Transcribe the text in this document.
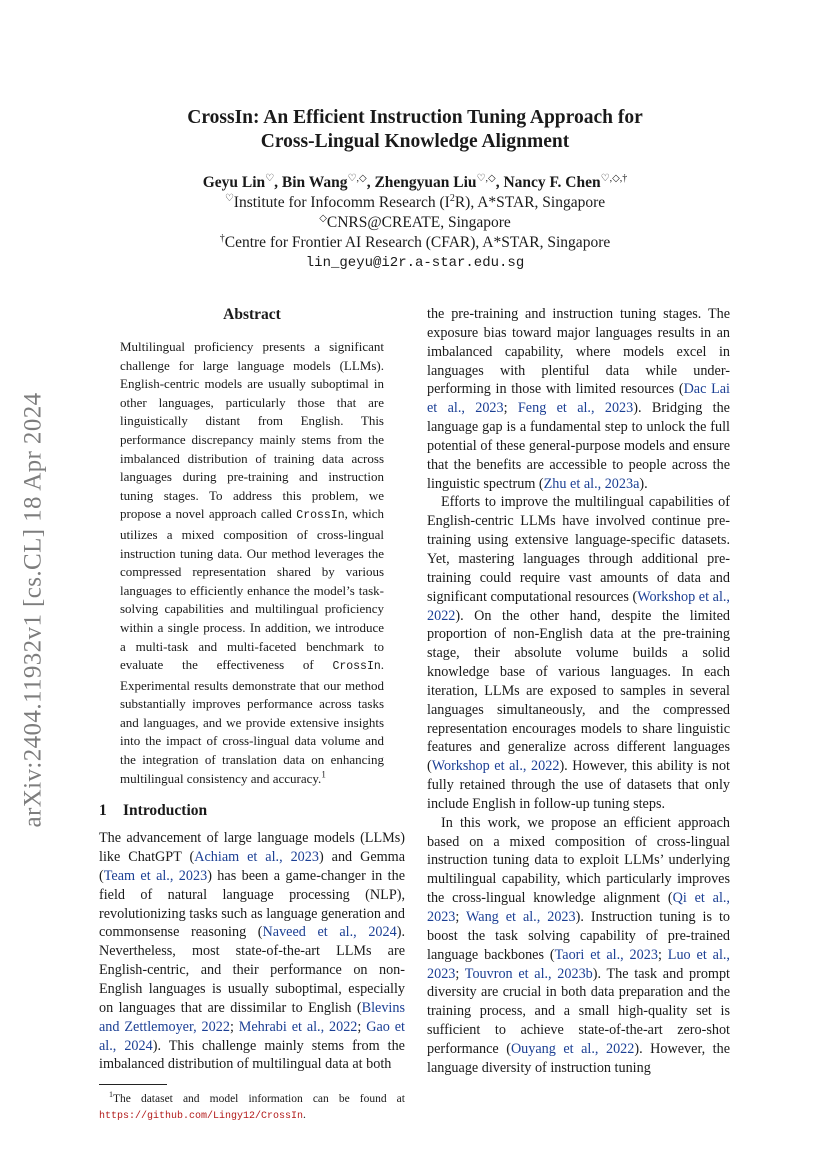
arXiv:2404.11932v1 [cs.CL] 18 Apr 2024
CrossIn: An Efficient Instruction Tuning Approach for
Cross-Lingual Knowledge Alignment
Geyu Lin♡, Bin Wang♡,◇, Zhengyuan Liu♡,◇, Nancy F. Chen♡,◇,†
♡Institute for Infocomm Research $(I^2R)$, A*STAR, Singapore
◇CNRS@CREATE, Singapore
†Centre for Frontier AI Research (CFAR), A*STAR, Singapore
lin_geyu@i2r.a-star.edu.sg
Abstract
Multilingual proficiency presents a significant challenge for large language models (LLMs). English-centric models are usually suboptimal in other languages, particularly those that are linguistically distant from English. This performance discrepancy mainly stems from the imbalanced distribution of training data across languages during pre-training and instruction tuning stages. To address this problem, we propose a novel approach called CrossIn, which utilizes a mixed composition of cross-lingual instruction tuning data. Our method leverages the compressed representation shared by various languages to efficiently enhance the model’s task-solving capabilities and multilingual proficiency within a single process. In addition, we introduce a multi-task and multi-faceted benchmark to evaluate the effectiveness of CrossIn. Experimental results demonstrate that our method substantially improves performance across tasks and languages, and we provide extensive insights into the impact of cross-lingual data volume and the integration of translation data on enhancing multilingual consistency and accuracy.$^1$
1 Introduction
The advancement of large language models (LLMs) like ChatGPT (Achiam et al., 2023) and Gemma (Team et al., 2023) has been a game-changer in the field of natural language processing (NLP), revolutionizing tasks such as language generation and commonsense reasoning (Naveed et al., 2024). Nevertheless, most state-of-the-art LLMs are English-centric, and their performance on non-English languages is usually suboptimal, especially on languages that are dissimilar to English (Blevins and Zettlemoyer, 2022; Mehrabi et al., 2022; Gao et al., 2024). This challenge mainly stems from the imbalanced distribution of multilingual data at both
$^1$The dataset and model information can be found at https://github.com/Lingy12/CrossIn.
the pre-training and instruction tuning stages. The exposure bias toward major languages results in an imbalanced capability, where models excel in languages with plentiful data while under-performing in those with limited resources (Dac Lai et al., 2023; Feng et al., 2023). Bridging the language gap is a fundamental step to unlock the full potential of these general-purpose models and ensure that the benefits are accessible to people across the linguistic spectrum (Zhu et al., 2023a).
Efforts to improve the multilingual capabilities of English-centric LLMs have involved continue pre-training using extensive language-specific datasets. Yet, mastering languages through additional pre-training could require vast amounts of data and significant computational resources (Workshop et al., 2022). On the other hand, despite the limited proportion of non-English data at the pre-training stage, their absolute volume builds a solid knowledge base of various languages. In each iteration, LLMs are exposed to samples in several languages simultaneously, and the compressed representation encourages models to share linguistic features and generalize across different languages (Workshop et al., 2022). However, this ability is not fully retained through the use of datasets that only include English in follow-up tuning steps.
In this work, we propose an efficient approach based on a mixed composition of cross-lingual instruction tuning data to exploit LLMs’ underlying multilingual capability, which particularly improves the cross-lingual knowledge alignment (Qi et al., 2023; Wang et al., 2023). Instruction tuning is to boost the task solving capability of pre-trained language backbones (Taori et al., 2023; Luo et al., 2023; Touvron et al., 2023b). The task and prompt diversity are crucial in both data preparation and the training process, and a small high-quality set is sufficient to achieve state-of-the-art zero-shot performance (Ouyang et al., 2022). However, the language diversity of instruction tuning
